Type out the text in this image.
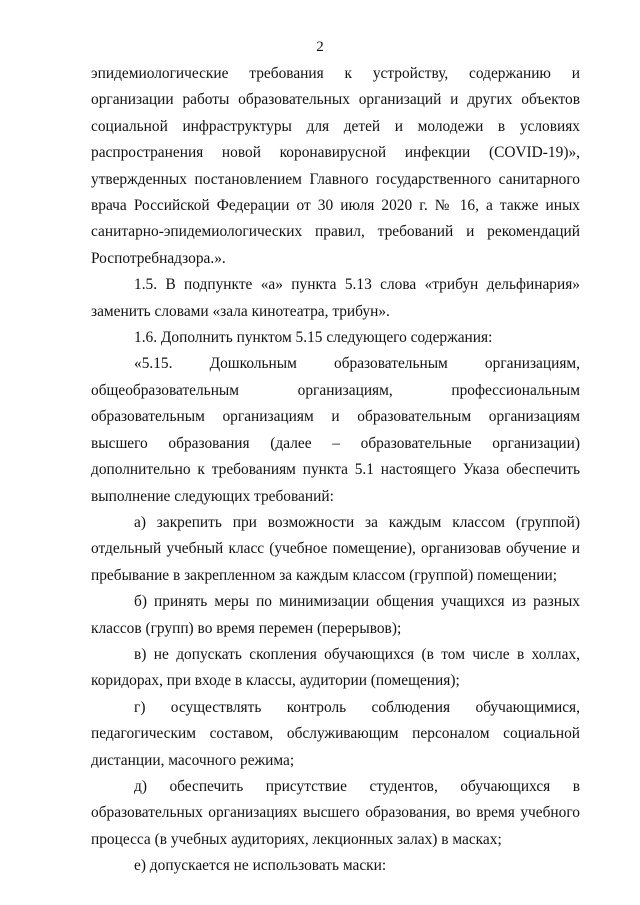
2

эпидемиологические требования к устройству, содержанию и организации работы образовательных организаций и других объектов социальной инфраструктуры для детей и молодежи в условиях распространения новой коронавирусной инфекции (COVID-19)», утвержденных постановлением Главного государственного санитарного врача Российской Федерации от 30 июля 2020 г. № 16, а также иных санитарно-эпидемиологических правил, требований и рекомендаций Роспотребнадзора.».

1.5. В подпункте «а» пункта 5.13 слова «трибун дельфинария» заменить словами «зала кинотеатра, трибун».

1.6. Дополнить пунктом 5.15 следующего содержания:

«5.15. Дошкольным образовательным организациям, общеобразовательным организациям, профессиональным образовательным организациям и образовательным организациям высшего образования (далее – образовательные организации) дополнительно к требованиям пункта 5.1 настоящего Указа обеспечить выполнение следующих требований:

а) закрепить при возможности за каждым классом (группой) отдельный учебный класс (учебное помещение), организовав обучение и пребывание в закрепленном за каждым классом (группой) помещении;

б) принять меры по минимизации общения учащихся из разных классов (групп) во время перемен (перерывов);

в) не допускать скопления обучающихся (в том числе в холлах, коридорах, при входе в классы, аудитории (помещения);

г) осуществлять контроль соблюдения обучающимися, педагогическим составом, обслуживающим персоналом социальной дистанции, масочного режима;

д) обеспечить присутствие студентов, обучающихся в образовательных организациях высшего образования, во время учебного процесса (в учебных аудиториях, лекционных залах) в масках;

е) допускается не использовать маски:
